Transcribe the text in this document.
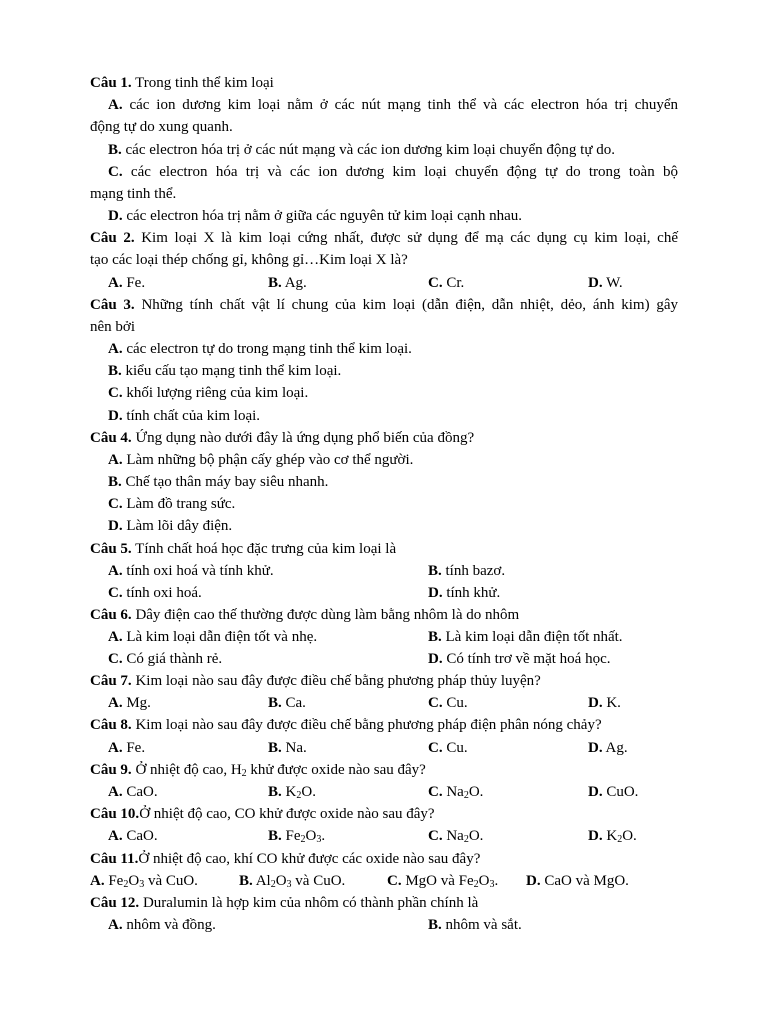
Câu 1. Trong tinh thể kim loại
A. các ion dương kim loại nằm ở các nút mạng tinh thể và các electron hóa trị chuyển
động tự do xung quanh.
B. các electron hóa trị ở các nút mạng và các ion dương kim loại chuyển động tự do.
C. các electron hóa trị và các ion dương kim loại chuyển động tự do trong toàn bộ
mạng tinh thể.
D. các electron hóa trị nằm ở giữa các nguyên tử kim loại cạnh nhau.
Câu 2. Kim loại X là kim loại cứng nhất, được sử dụng để mạ các dụng cụ kim loại, chế
tạo các loại thép chống gỉ, không gỉ…Kim loại X là?
A. Fe.	B. Ag.	C. Cr.	D. W.
Câu 3. Những tính chất vật lí chung của kim loại (dẫn điện, dẫn nhiệt, dẻo, ánh kim) gây
nên bởi
A. các electron tự do trong mạng tinh thể kim loại.
B. kiểu cấu tạo mạng tinh thể kim loại.
C. khối lượng riêng của kim loại.
D. tính chất của kim loại.
Câu 4. Ứng dụng nào dưới đây là ứng dụng phổ biến của đồng?
A. Làm những bộ phận cấy ghép vào cơ thể người.
B. Chế tạo thân máy bay siêu nhanh.
C. Làm đồ trang sức.
D. Làm lõi dây điện.
Câu 5. Tính chất hoá học đặc trưng của kim loại là
A. tính oxi hoá và tính khử.	B. tính bazơ.
C. tính oxi hoá.	D. tính khử.
Câu 6. Dây điện cao thế thường được dùng làm bằng nhôm là do nhôm
A. Là kim loại dẫn điện tốt và nhẹ.	B. Là kim loại dẫn điện tốt nhất.
C. Có giá thành rẻ.	D. Có tính trơ về mặt hoá học.
Câu 7. Kim loại nào sau đây được điều chế bằng phương pháp thủy luyện?
A. Mg.	B. Ca.	C. Cu.	D. K.
Câu 8. Kim loại nào sau đây được điều chế bằng phương pháp điện phân nóng chảy?
A. Fe.	B. Na.	C. Cu.	D. Ag.
Câu 9. Ở nhiệt độ cao, $H_2$ khử được oxide nào sau đây?
A. CaO.	B. $K_2O$.	C. $Na_2O$.	D. CuO.
Câu 10.Ở nhiệt độ cao, CO khử được oxide nào sau đây?
A. CaO.	B. $Fe_2O_3$.	C. $Na_2O$.	D. $K_2O$.
Câu 11.Ở nhiệt độ cao, khí CO khử được các oxide nào sau đây?
A. $Fe_2O_3$ và CuO.	B. $Al_2O_3$ và CuO.	C. MgO và $Fe_2O_3$. D. CaO và MgO.
Câu 12. Duralumin là hợp kim của nhôm có thành phần chính là
A. nhôm và đồng.	B. nhôm và sắt.
